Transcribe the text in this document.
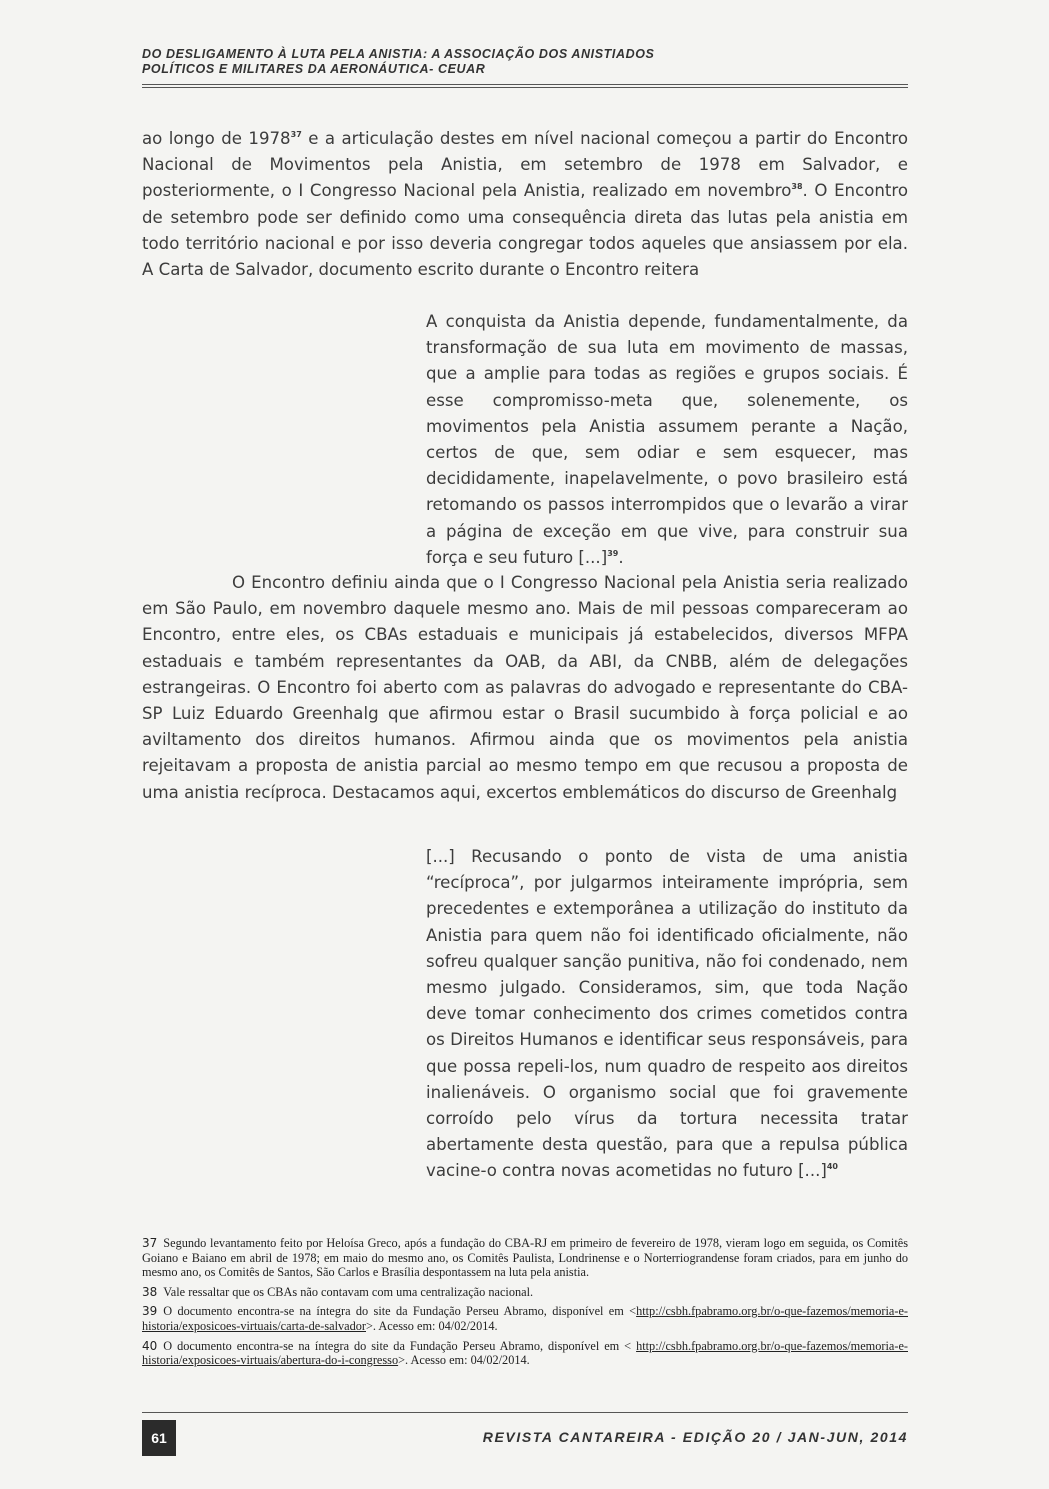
DO DESLIGAMENTO À LUTA PELA ANISTIA: A ASSOCIAÇÃO DOS ANISTIADOS POLÍTICOS E MILITARES DA AERONÁUTICA- CEUAR

ao longo de 1978$^{37}$ e a articulação destes em nível nacional começou a partir do Encontro Nacional de Movimentos pela Anistia, em setembro de 1978 em Salvador, e posteriormente, o I Congresso Nacional pela Anistia, realizado em novembro$^{38}$. O Encontro de setembro pode ser definido como uma consequência direta das lutas pela anistia em todo território nacional e por isso deveria congregar todos aqueles que ansiassem por ela. A Carta de Salvador, documento escrito durante o Encontro reitera

A conquista da Anistia depende, fundamentalmente, da transformação de sua luta em movimento de massas, que a amplie para todas as regiões e grupos sociais. É esse compromisso-meta que, solenemente, os movimentos pela Anistia assumem perante a Nação, certos de que, sem odiar e sem esquecer, mas decididamente, inapelavelmente, o povo brasileiro está retomando os passos interrompidos que o levarão a virar a página de exceção em que vive, para construir sua força e seu futuro [...]$^{39}$.

O Encontro definiu ainda que o I Congresso Nacional pela Anistia seria realizado em São Paulo, em novembro daquele mesmo ano. Mais de mil pessoas compareceram ao Encontro, entre eles, os CBAs estaduais e municipais já estabelecidos, diversos MFPA estaduais e também representantes da OAB, da ABI, da CNBB, além de delegações estrangeiras. O Encontro foi aberto com as palavras do advogado e representante do CBA-SP Luiz Eduardo Greenhalg que afirmou estar o Brasil sucumbido à força policial e ao aviltamento dos direitos humanos. Afirmou ainda que os movimentos pela anistia rejeitavam a proposta de anistia parcial ao mesmo tempo em que recusou a proposta de uma anistia recíproca. Destacamos aqui, excertos emblemáticos do discurso de Greenhalg

[...] Recusando o ponto de vista de uma anistia “recíproca”, por julgarmos inteiramente imprópria, sem precedentes e extemporânea a utilização do instituto da Anistia para quem não foi identificado oficialmente, não sofreu qualquer sanção punitiva, não foi condenado, nem mesmo julgado. Consideramos, sim, que toda Nação deve tomar conhecimento dos crimes cometidos contra os Direitos Humanos e identificar seus responsáveis, para que possa repeli-los, num quadro de respeito aos direitos inalienáveis. O organismo social que foi gravemente corroído pelo vírus da tortura necessita tratar abertamente desta questão, para que a repulsa pública vacine-o contra novas acometidas no futuro [...]$^{40}$

37 Segundo levantamento feito por Heloísa Greco, após a fundação do CBA-RJ em primeiro de fevereiro de 1978, vieram logo em seguida, os Comitês Goiano e Baiano em abril de 1978; em maio do mesmo ano, os Comitês Paulista, Londrinense e o Norterriograndense foram criados, para em junho do mesmo ano, os Comitês de Santos, São Carlos e Brasília despontassem na luta pela anistia.

38 Vale ressaltar que os CBAs não contavam com uma centralização nacional.

39 O documento encontra-se na íntegra do site da Fundação Perseu Abramo, disponível em <http://csbh.fpabramo.org.br/o-que-fazemos/memoria-e-historia/exposicoes-virtuais/carta-de-salvador>. Acesso em: 04/02/2014.

40 O documento encontra-se na íntegra do site da Fundação Perseu Abramo, disponível em < http://csbh.fpabramo.org.br/o-que-fazemos/memoria-e-historia/exposicoes-virtuais/abertura-do-i-congresso>. Acesso em: 04/02/2014.

61	REVISTA CANTAREIRA - EDIÇÃO 20 / JAN-JUN, 2014
